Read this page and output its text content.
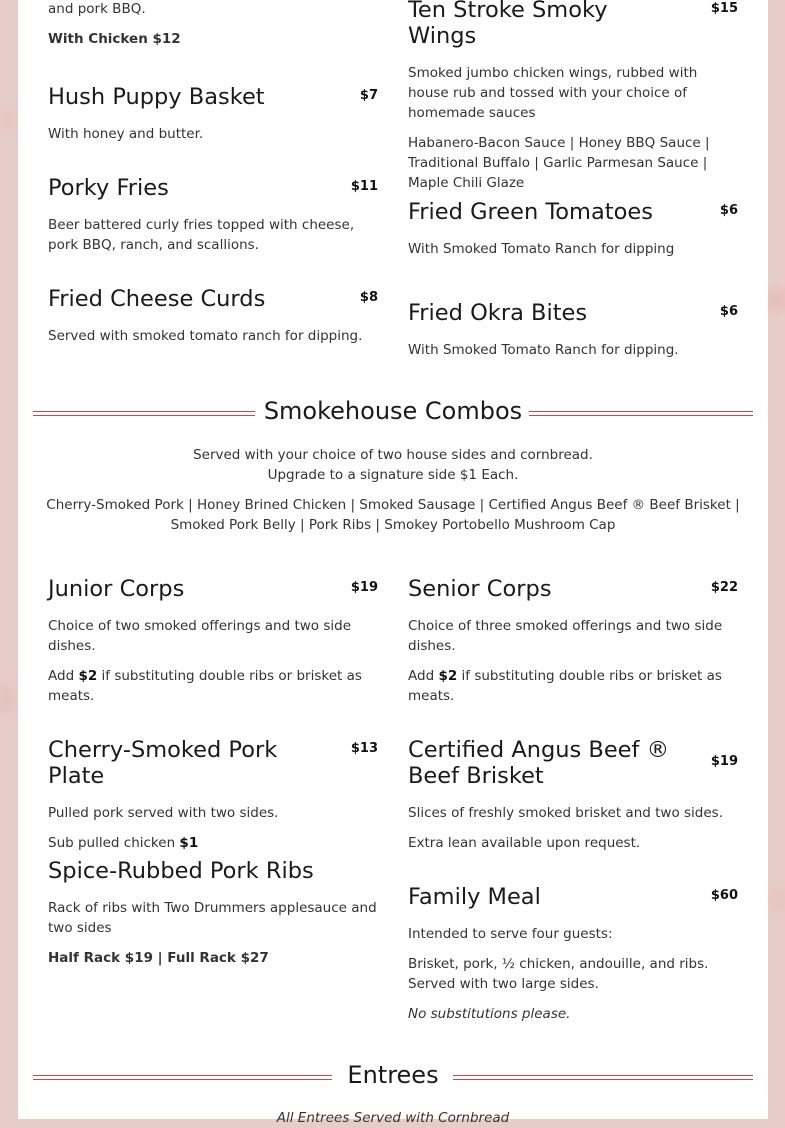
and pork BBQ.

With Chicken $12

Ten Stroke Smoky Wings
$15

Smoked jumbo chicken wings, rubbed with house rub and tossed with your choice of homemade sauces

Habanero-Bacon Sauce | Honey BBQ Sauce | Traditional Buffalo | Garlic Parmesan Sauce | Maple Chili Glaze

Hush Puppy Basket	$7

With honey and butter.

Porky Fries	$11

Beer battered curly fries topped with cheese, pork BBQ, ranch, and scallions.

Fried Green Tomatoes	$6

With Smoked Tomato Ranch for dipping

Fried Cheese Curds	$8

Served with smoked tomato ranch for dipping.

Fried Okra Bites	$6

With Smoked Tomato Ranch for dipping.

Smokehouse Combos
Served with your choice of two house sides and cornbread.
Upgrade to a signature side $1 Each.
Cherry-Smoked Pork | Honey Brined Chicken | Smoked Sausage | Certified Angus Beef ® Beef Brisket |
Smoked Pork Belly | Pork Ribs | Smokey Portobello Mushroom Cap
Junior Corps	$19

Choice of two smoked offerings and two side dishes.

Add $2 if substituting double ribs or brisket as meats.

Senior Corps	$22

Choice of three smoked offerings and two side dishes.

Add $2 if substituting double ribs or brisket as meats.

Cherry-Smoked Pork Plate
$13

Pulled pork served with two sides.

Sub pulled chicken $1

Certified Angus Beef ® Beef Brisket
$19

Slices of freshly smoked brisket and two sides.

Extra lean available upon request.

Spice-Rubbed Pork Ribs

Rack of ribs with Two Drummers applesauce and two sides

Half Rack $19 | Full Rack $27

Family Meal	$60

Intended to serve four guests:

Brisket, pork, ½ chicken, andouille, and ribs. Served with two large sides.

No substitutions please.

Entrees
All Entrees Served with Cornbread
